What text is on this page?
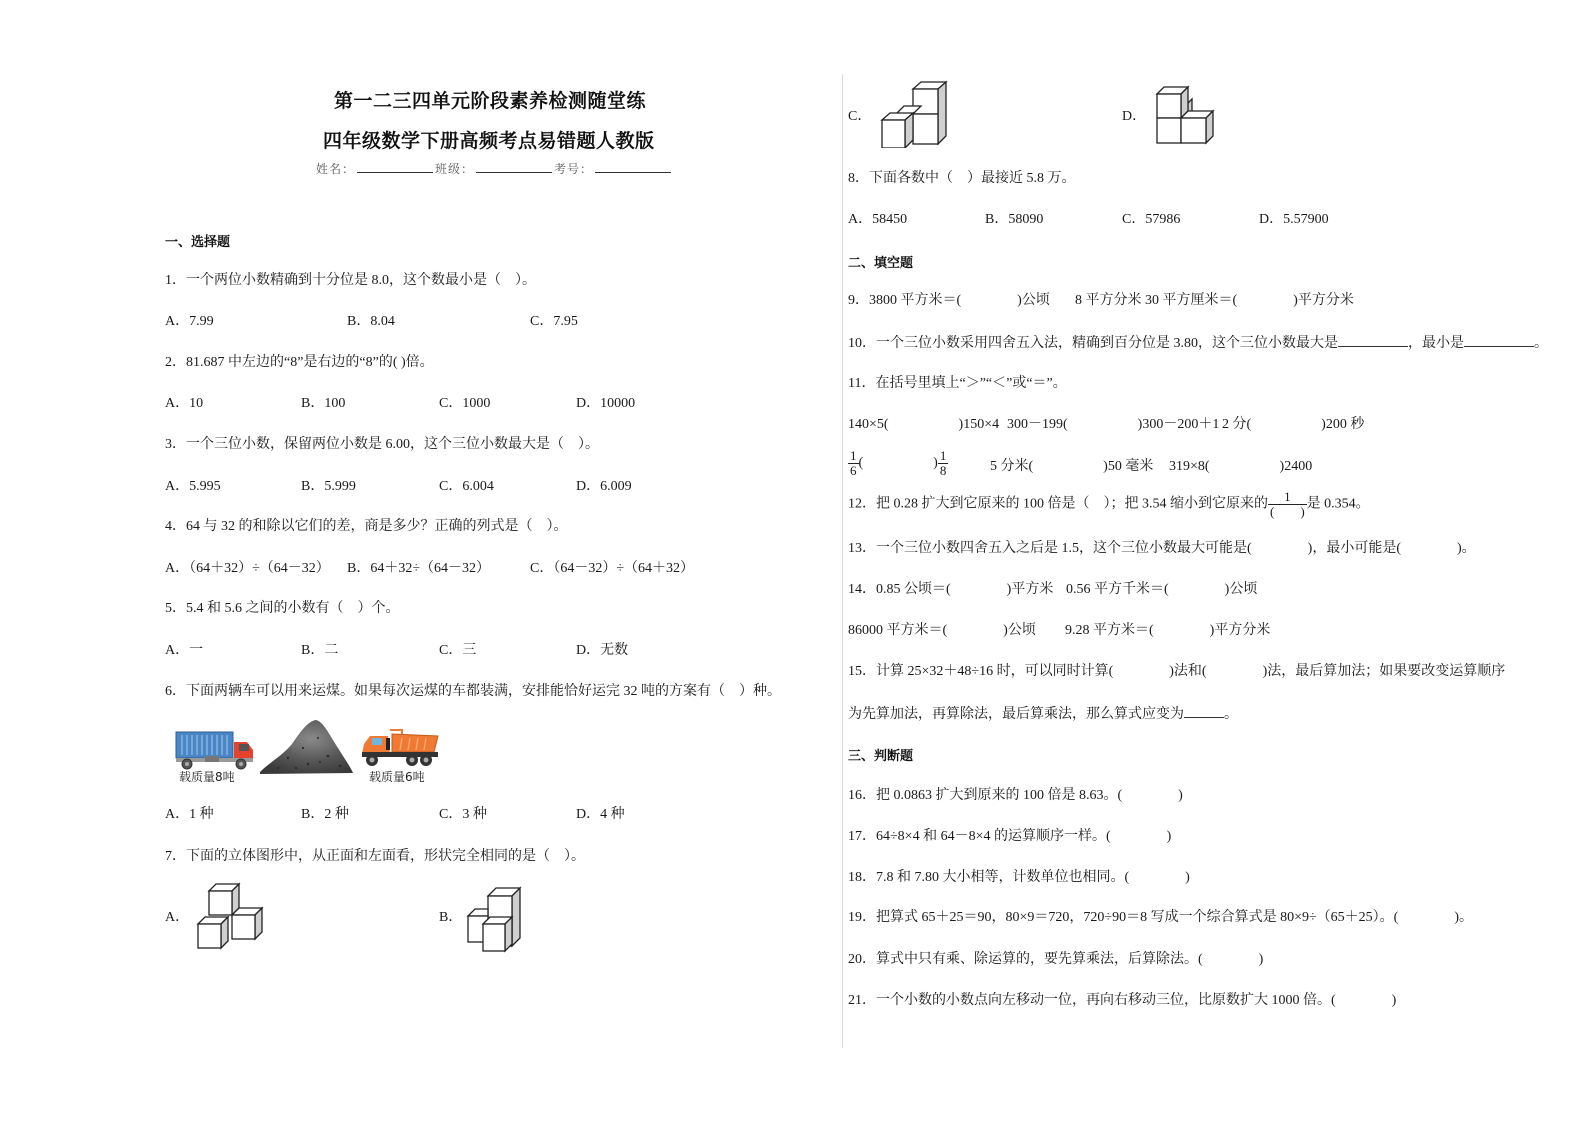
第一二三四单元阶段素养检测随堂练
四年级数学下册高频考点易错题人教版
姓名：	班级：	考号：
一、选择题
1．一个两位小数精确到十分位是 8.0，这个数最小是（　）。
A．7.99	B．8.04	C．7.95
2．81.687 中左边的“8”是右边的“8”的( )倍。
A．10	B．100	C．1000	D．10000
3．一个三位小数，保留两位小数是 6.00，这个三位小数最大是（　）。
A．5.995	B．5.999	C．6.004	D．6.009
4．64 与 32 的和除以它们的差，商是多少？正确的列式是（　）。
A．（64＋32）÷（64－32） B．64＋32÷（64－32）	C．（64－32）÷（64＋32）
5．5.4 和 5.6 之间的小数有（　）个。
A．一	B．二	C．三	D．无数
6．下面两辆车可以用来运煤。如果每次运煤的车都装满，安排能恰好运完 32 吨的方案有（　）种。
载质量8吨	载质量6吨
A．1 种	B．2 种	C．3 种	D．4 种
7．下面的立体图形中，从正面和左面看，形状完全相同的是（　）。
A．	B．
C．	D．
8．下面各数中（　）最接近 5.8 万。
A．58450	B．58090	C．57986	D．5.57900
二、填空题
9．3800 平方米＝(　　　　)公顷 8 平方分米 30 平方厘米＝(　　　　)平方分米
10．一个三位小数采用四舍五入法，精确到百分位是 3.80，这个三位小数最大是	，最小是	。
11．在括号里填上“＞”“＜”或“＝”。
140×5(　　　　　)150×4 300－199(　　　　　)300－200＋1 2 分(　　　　　)200 秒
$\frac{1}{6}$ (　　　　　) $\frac{1}{8}$	5 分米(　　　　　)50 毫米 319×8(　　　　　)2400
12．把 0.28 扩大到它原来的 100 倍是（　）；把 3.54 缩小到它原来的 $\frac{1}{( )}$ 是 0.354。
13．一个三位小数四舍五入之后是 1.5，这个三位小数最大可能是(　　　　)，最小可能是(　　　　)。
14．0.85 公顷＝(　　　　)平方米 0.56 平方千米＝(　　　　)公顷
86000 平方米＝(　　　　)公顷 9.28 平方米＝(　　　　)平方分米
15．计算 25×32＋48÷16 时，可以同时计算(　　　　)法和(　　　　)法，最后算加法；如果要改变运算顺序
为先算加法，再算除法，最后算乘法，那么算式应变为	。
三、判断题
16．把 0.0863 扩大到原来的 100 倍是 8.63。(　　　　)
17．64÷8×4 和 64－8×4 的运算顺序一样。(　　　　)
18．7.8 和 7.80 大小相等，计数单位也相同。(　　　　)
19．把算式 65＋25＝90，80×9＝720，720÷90＝8 写成一个综合算式是 80×9÷（65＋25）。(　　　　)。
20．算式中只有乘、除运算的，要先算乘法，后算除法。(　　　　)
21．一个小数的小数点向左移动一位，再向右移动三位，比原数扩大 1000 倍。(　　　　)
